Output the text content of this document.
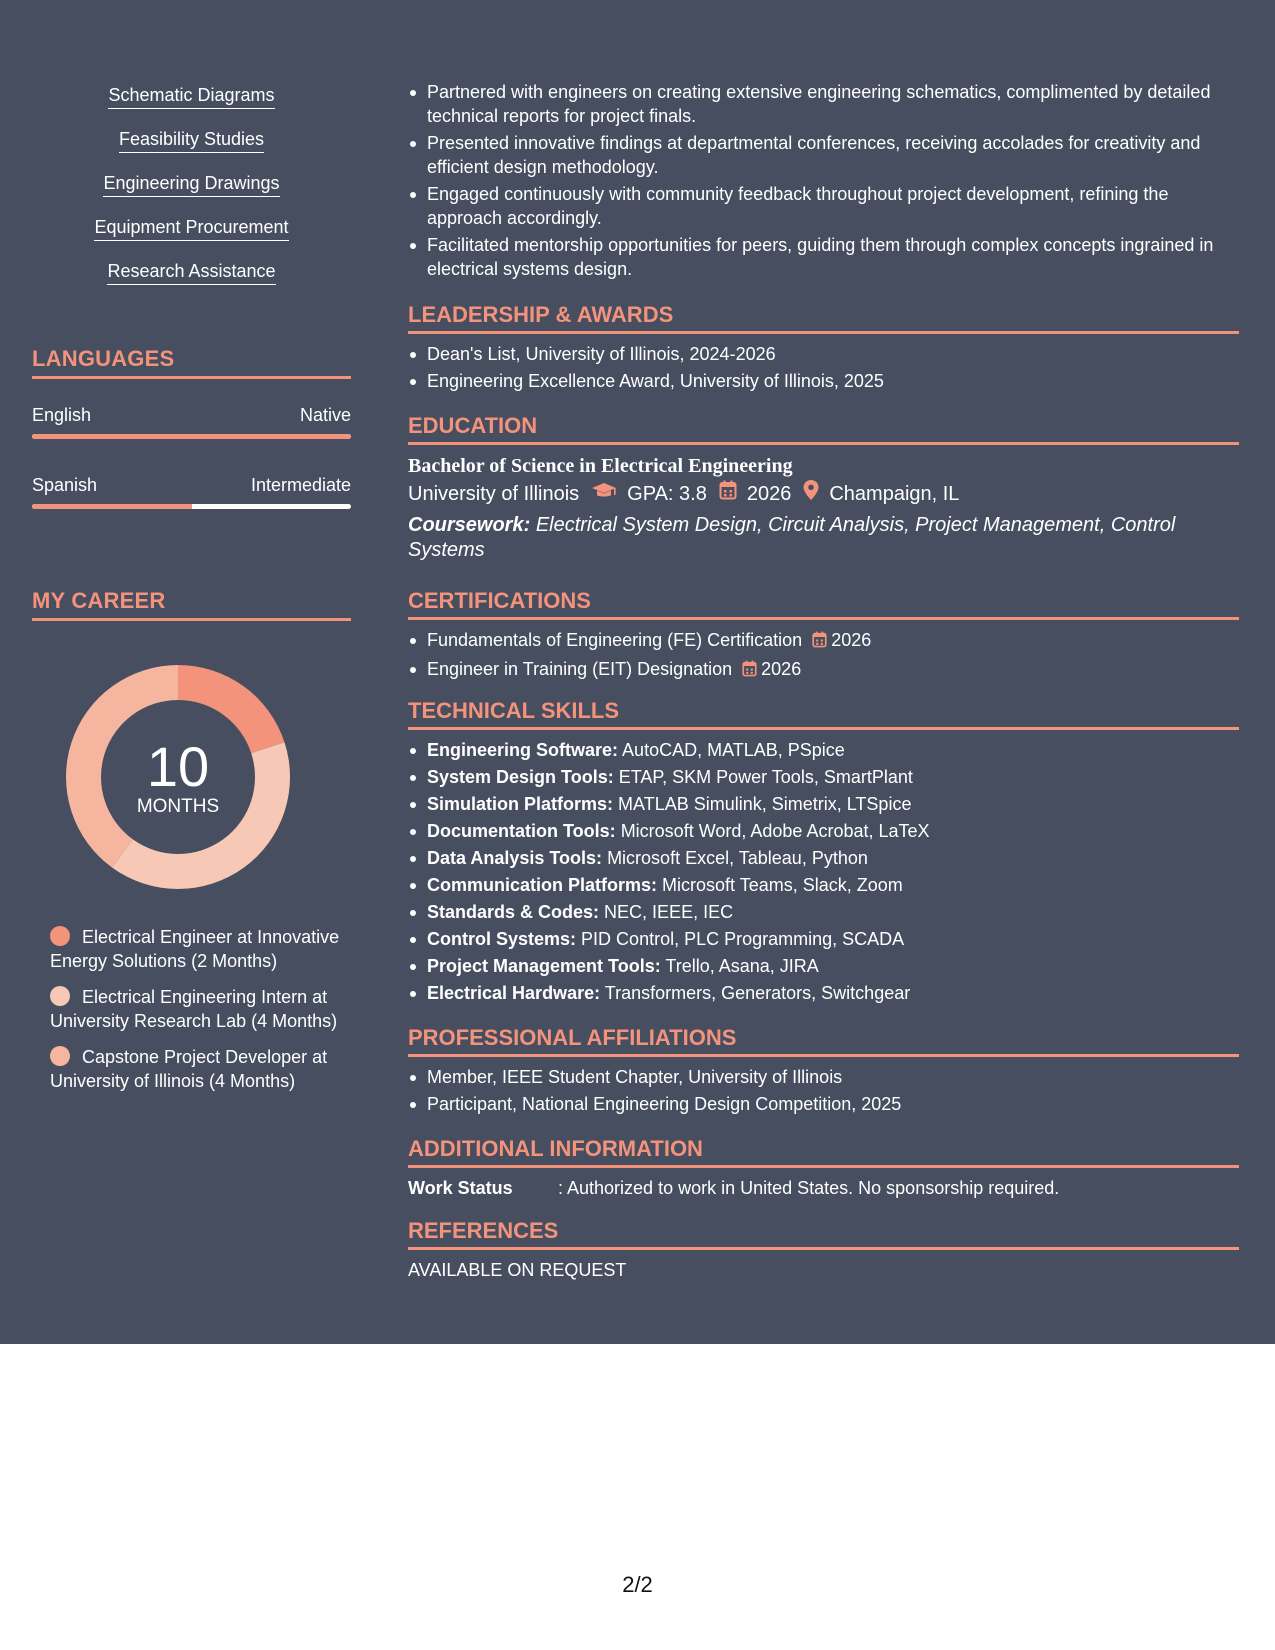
Schematic Diagrams
Feasibility Studies
Engineering Drawings
Equipment Procurement
Research Assistance
LANGUAGES
English	Native
Spanish	Intermediate
MY CAREER
10
MONTHS
Electrical Engineer at Innovative Energy Solutions (2 Months)
Electrical Engineering Intern at University Research Lab (4 Months)
Capstone Project Developer at University of Illinois (4 Months)
Partnered with engineers on creating extensive engineering schematics, complimented by detailed technical reports for project finals.
Presented innovative findings at departmental conferences, receiving accolades for creativity and efficient design methodology.
Engaged continuously with community feedback throughout project development, refining the approach accordingly.
Facilitated mentorship opportunities for peers, guiding them through complex concepts ingrained in electrical systems design.
LEADERSHIP & AWARDS
Dean's List, University of Illinois, 2024-2026
Engineering Excellence Award, University of Illinois, 2025
EDUCATION
Bachelor of Science in Electrical Engineering
University of Illinois GPA: 3.8 2026 Champaign, IL
Coursework: Electrical System Design, Circuit Analysis, Project Management, Control Systems
CERTIFICATIONS
Fundamentals of Engineering (FE) Certification 2026
Engineer in Training (EIT) Designation 2026
TECHNICAL SKILLS
Engineering Software: AutoCAD, MATLAB, PSpice
System Design Tools: ETAP, SKM Power Tools, SmartPlant
Simulation Platforms: MATLAB Simulink, Simetrix, LTSpice
Documentation Tools: Microsoft Word, Adobe Acrobat, LaTeX
Data Analysis Tools: Microsoft Excel, Tableau, Python
Communication Platforms: Microsoft Teams, Slack, Zoom
Standards & Codes: NEC, IEEE, IEC
Control Systems: PID Control, PLC Programming, SCADA
Project Management Tools: Trello, Asana, JIRA
Electrical Hardware: Transformers, Generators, Switchgear
PROFESSIONAL AFFILIATIONS
Member, IEEE Student Chapter, University of Illinois
Participant, National Engineering Design Competition, 2025
ADDITIONAL INFORMATION
Work Status	: Authorized to work in United States. No sponsorship required.
REFERENCES
AVAILABLE ON REQUEST
2/2
